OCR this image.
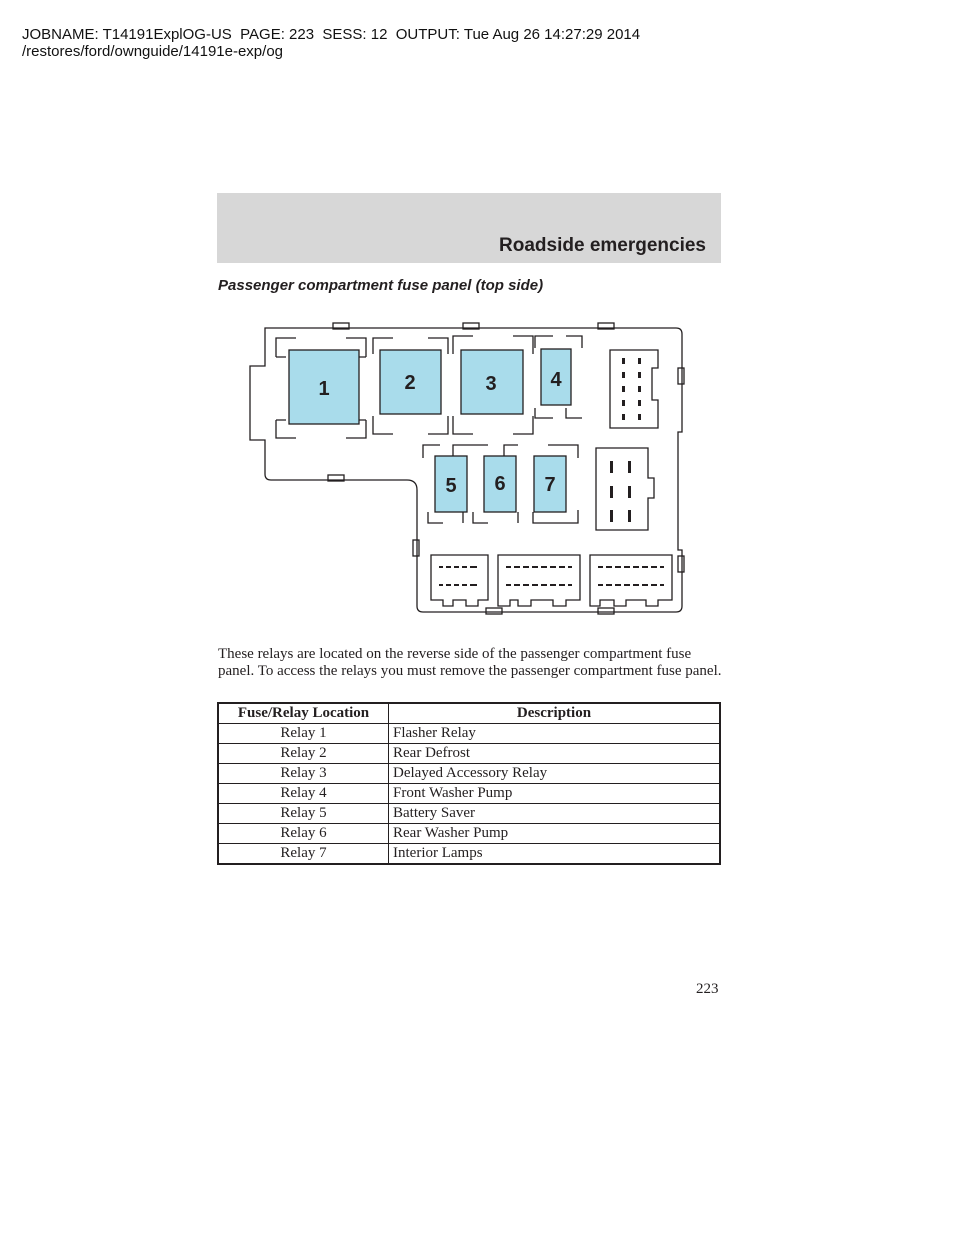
JOBNAME: T14191ExplOG-US  PAGE: 223  SESS: 12  OUTPUT: Tue Aug 26 14:27:29 2014
/restores/ford/ownguide/14191e-exp/og
Roadside emergencies
Passenger compartment fuse panel (top side)
1	2	3	4
5 6 7
These relays are located on the reverse side of the passenger compartment fuse panel. To access the relays you must remove the passenger compartment fuse panel.
Fuse/Relay Location	Description
Relay 1	Flasher Relay
Relay 2	Rear Defrost
Relay 3	Delayed Accessory Relay
Relay 4	Front Washer Pump
Relay 5	Battery Saver
Relay 6	Rear Washer Pump
Relay 7	Interior Lamps
223
